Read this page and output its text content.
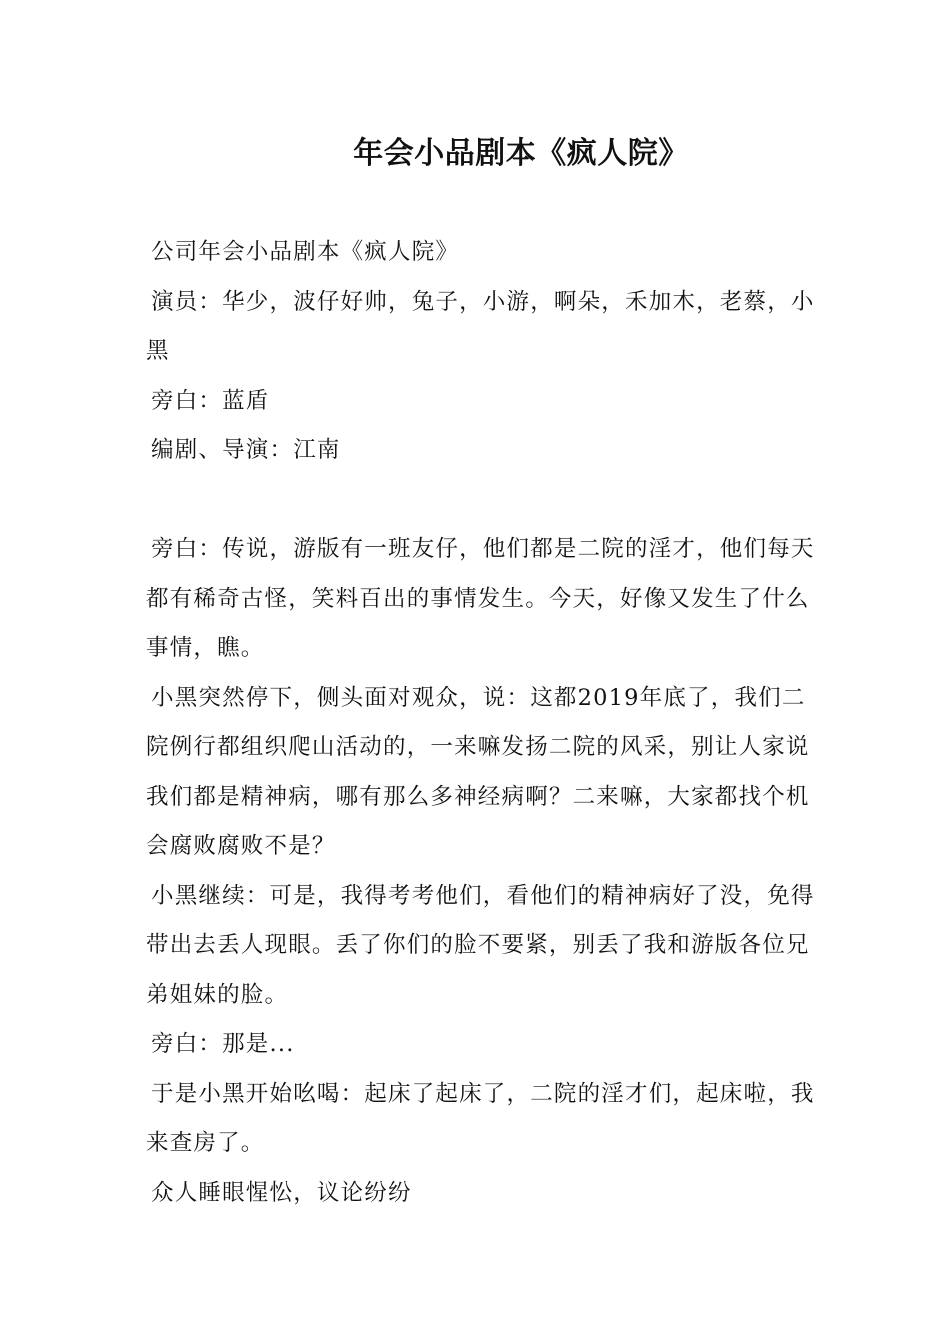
年会小品剧本《疯人院》

公司年会小品剧本《疯人院》

演员：华少，波仔好帅，兔子，小游，啊朵，禾加木，老蔡，小黑

旁白：蓝盾

编剧、导演：江南

旁白：传说，游版有一班友仔，他们都是二院的淫才，他们每天都有稀奇古怪，笑料百出的事情发生。今天，好像又发生了什么事情，瞧。

小黑突然停下，侧头面对观众，说：这都2019年底了，我们二院例行都组织爬山活动的，一来嘛发扬二院的风采，别让人家说我们都是精神病，哪有那么多神经病啊？二来嘛，大家都找个机会腐败腐败不是？

小黑继续：可是，我得考考他们，看他们的精神病好了没，免得带出去丢人现眼。丢了你们的脸不要紧，别丢了我和游版各位兄弟姐妹的脸。

旁白：那是...

于是小黑开始吆喝：起床了起床了，二院的淫才们，起床啦，我来查房了。

众人睡眼惺忪，议论纷纷
